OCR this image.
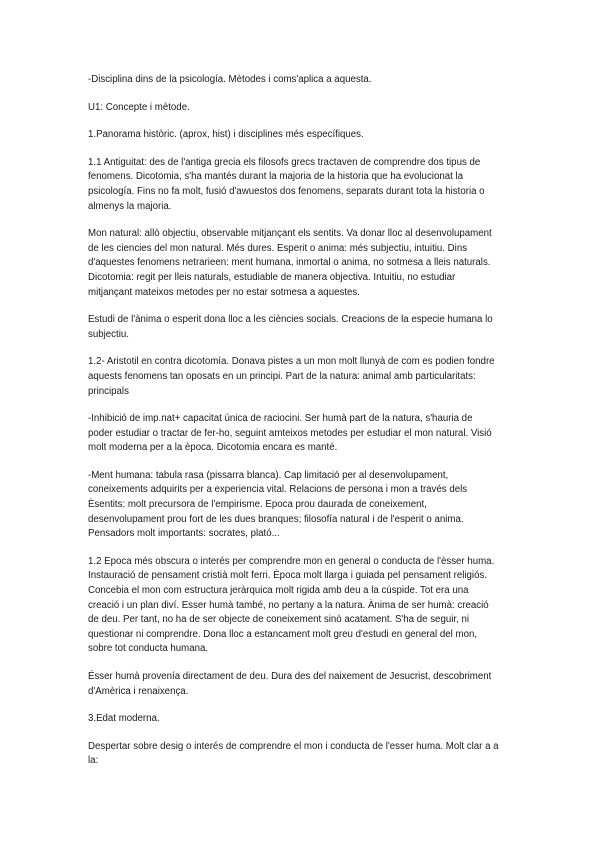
-Disciplina dins de la psicología. Mètodes i coms'aplica a aquesta.

U1: Concepte i mètode.

1.Panorama històric. (aprox, hist) i disciplines més específiques.

1.1 Antiguitat: des de l'antiga grecia els filosofs grecs tractaven de comprendre dos tipus de
fenomens. Dicotomia, s'ha mantés durant la majoria de la historia que ha evolucionat la
psicología. Fins no fa molt, fusió d'awuestos dos fenomens, separats durant tota la historia o
almenys la majoria.

Mon natural: allò objectiu, observable mitjançant els sentits. Va donar lloc al desenvolupament
de les ciencies del mon natural. Més dures. Esperit o anima: més subjectiu, intuitiu. Dins
d'aquestes fenomens netrarieen: ment humana, inmortal o anima, no sotmesa a lleis naturals.
Dicotomia: regit per lleis naturals, estudiable de manera objectiva. Intuitiu, no estudiar
mitjançant mateixos metodes per no estar sotmesa a aquestes.

Estudi de l'ànima o esperit dona lloc a les ciències socials. Creacions de la especie humana lo
subjectiu.

1.2- Aristotil en contra dicotomía. Donava pistes a un mon molt llunyà de com es podien fondre
aquests fenomens tan oposats en un principi. Part de la natura: animal amb particularitats:
principals

-Inhibició de imp.nat+ capacitat única de raciocini. Ser humà part de la natura, s'hauria de
poder estudiar o tractar de fer-ho, seguint amteixos metodes per estudiar el mon natural. Visió
molt moderna per a la època. Dicotomia encara es manté.

-Ment humana: tabula rasa (pissarra blanca). Cap limitació per al desenvolupament,
coneixements adquirits per a experiencia vital. Relacions de persona i mon a través dels
Èsentits: molt precursora de l'empirisme. Epoca prou daurada de coneixement,
desenvolupament prou fort de les dues branques; filosofía natural i de l'esperit o anima.
Pensadors molt importants: socrates, plató...

1.2 Epoca més obscura o interés per comprendre mon en general o conducta de l'èsser huma.
Instauració de pensament cristià molt ferri. Època molt llarga i guiada pel pensament religiós.
Concebia el mon com estructura jeràrquica molt rigida amb deu a la cúspide. Tot era una
creació i un plan diví. Esser humà també, no pertany a la natura. Ànima de ser humà: creació
de deu. Per tant, no ha de ser objecte de coneixement sinò acatament. S'ha de seguir, ni
questionar ni comprendre. Dona lloc a estancament molt greu d'estudi en general del mon,
sobre tot conducta humana.

Ésser humà provenía directament de deu. Dura des del naixement de Jesucrist, descobriment
d'Amèrica i renaixença.

3.Edat moderna.

Despertar sobre desig o interés de comprendre el mon i conducta de l'esser huma. Molt clar a a
la:
